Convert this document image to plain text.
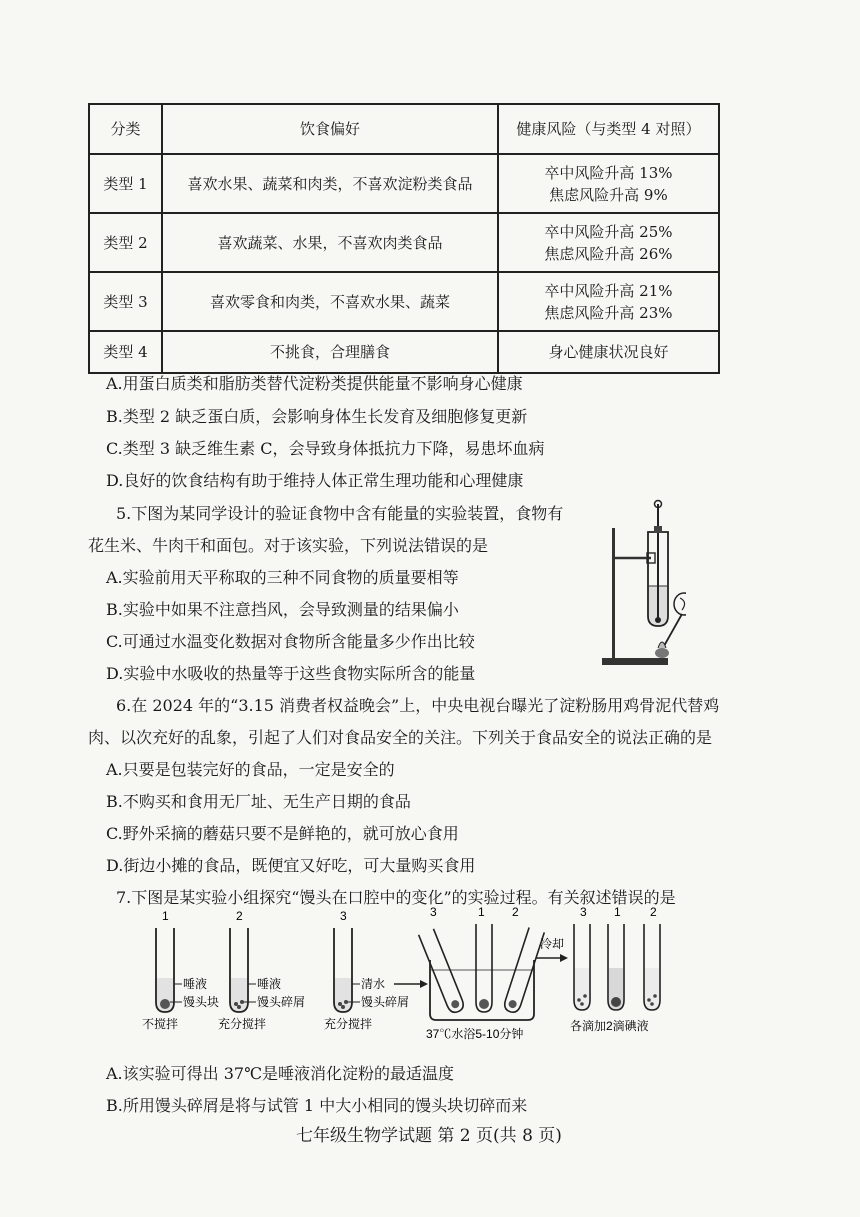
分类	饮食偏好	健康风险（与类型 4 对照）
类型 1	喜欢水果、蔬菜和肉类，不喜欢淀粉类食品	卒中风险升高 13%
焦虑风险升高 9%

类型 2	喜欢蔬菜、水果，不喜欢肉类食品	卒中风险升高 25%
焦虑风险升高 26%

类型 3	喜欢零食和肉类，不喜欢水果、蔬菜	卒中风险升高 21%
焦虑风险升高 23%

类型 4	不挑食，合理膳食	身心健康状况良好
A.用蛋白质类和脂肪类替代淀粉类提供能量不影响身心健康
B.类型 2 缺乏蛋白质，会影响身体生长发育及细胞修复更新
C.类型 3 缺乏维生素 C，会导致身体抵抗力下降，易患坏血病
D.良好的饮食结构有助于维持人体正常生理功能和心理健康
5.下图为某同学设计的验证食物中含有能量的实验装置，食物有
花生米、牛肉干和面包。对于该实验，下列说法错误的是
A.实验前用天平称取的三种不同食物的质量要相等
B.实验中如果不注意挡风，会导致测量的结果偏小
C.可通过水温变化数据对食物所含能量多少作出比较
D.实验中水吸收的热量等于这些食物实际所含的能量
6.在 2024 年的“3.15 消费者权益晚会”上，中央电视台曝光了淀粉肠用鸡骨泥代替鸡
肉、以次充好的乱象，引起了人们对食品安全的关注。下列关于食品安全的说法正确的是
A.只要是包装完好的食品，一定是安全的
B.不购买和食用无厂址、无生产日期的食品
C.野外采摘的蘑菇只要不是鲜艳的，就可放心食用
D.街边小摊的食品，既便宜又好吃，可大量购买食用
7.下图是某实验小组探究“馒头在口腔中的变化”的实验过程。有关叙述错误的是
1
唾液
馒头块
不搅拌
2
唾液
馒头碎屑
充分搅拌
3
清水
馒头碎屑
充分搅拌
3	1 2
37℃水浴5-10分钟
冷却
3 1 2
各滴加2滴碘液
A.该实验可得出 37℃是唾液消化淀粉的最适温度
B.所用馒头碎屑是将与试管 1 中大小相同的馒头块切碎而来
七年级生物学试题 第 2 页(共 8 页)
